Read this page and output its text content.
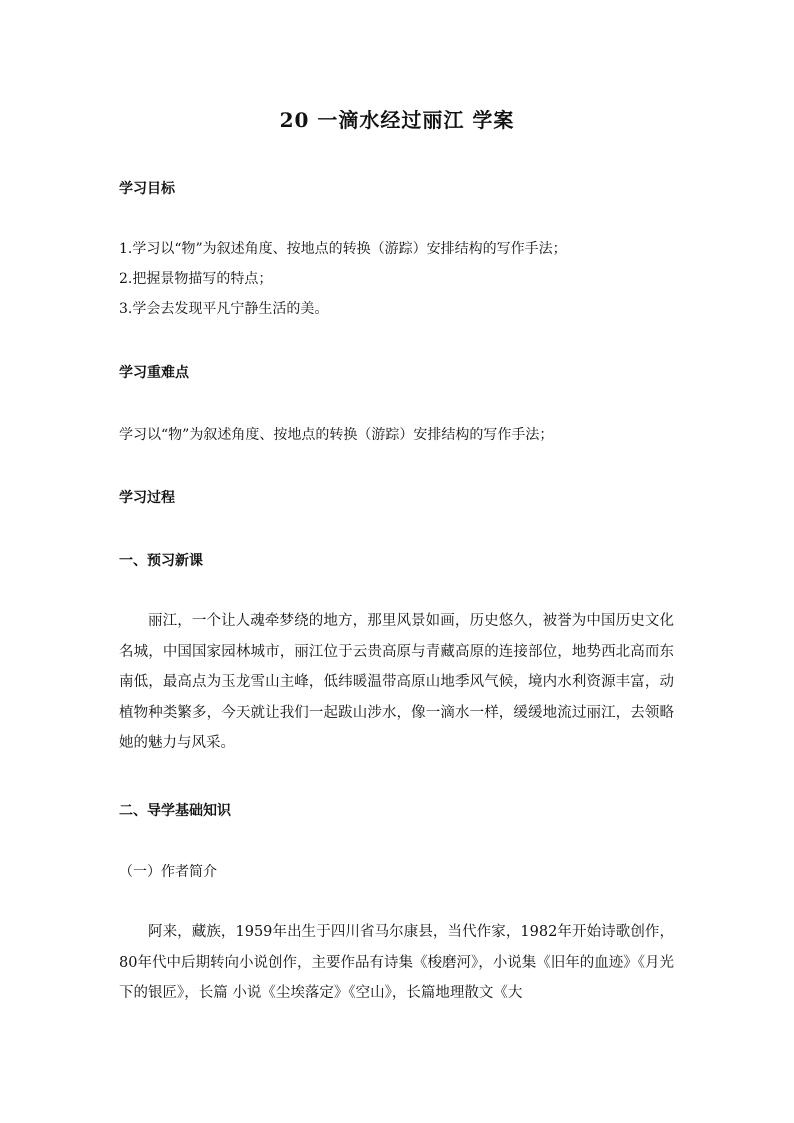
20 一滴水经过丽江 学案
学习目标
1.学习以“物”为叙述角度、按地点的转换（游踪）安排结构的写作手法；
2.把握景物描写的特点；
3.学会去发现平凡宁静生活的美。
学习重难点
学习以“物”为叙述角度、按地点的转换（游踪）安排结构的写作手法；
学习过程
一、预习新课

丽江，一个让人魂牵梦绕的地方，那里风景如画，历史悠久，被誉为中国历史文化名城，中国国家园林城市，丽江位于云贵高原与青藏高原的连接部位，地势西北高而东南低，最高点为玉龙雪山主峰，低纬暖温带高原山地季风气候，境内水利资源丰富，动植物种类繁多，今天就让我们一起跋山涉水，像一滴水一样，缓缓地流过丽江，去领略她的魅力与风采。

二、导学基础知识
（一）作者简介

阿来，藏族，1959年出生于四川省马尔康县，当代作家，1982年开始诗歌创作，80年代中后期转向小说创作，主要作品有诗集《梭磨河》，小说集《旧年的血迹》《月光下的银匠》，长篇 小说《尘埃落定》《空山》，长篇地理散文《大
